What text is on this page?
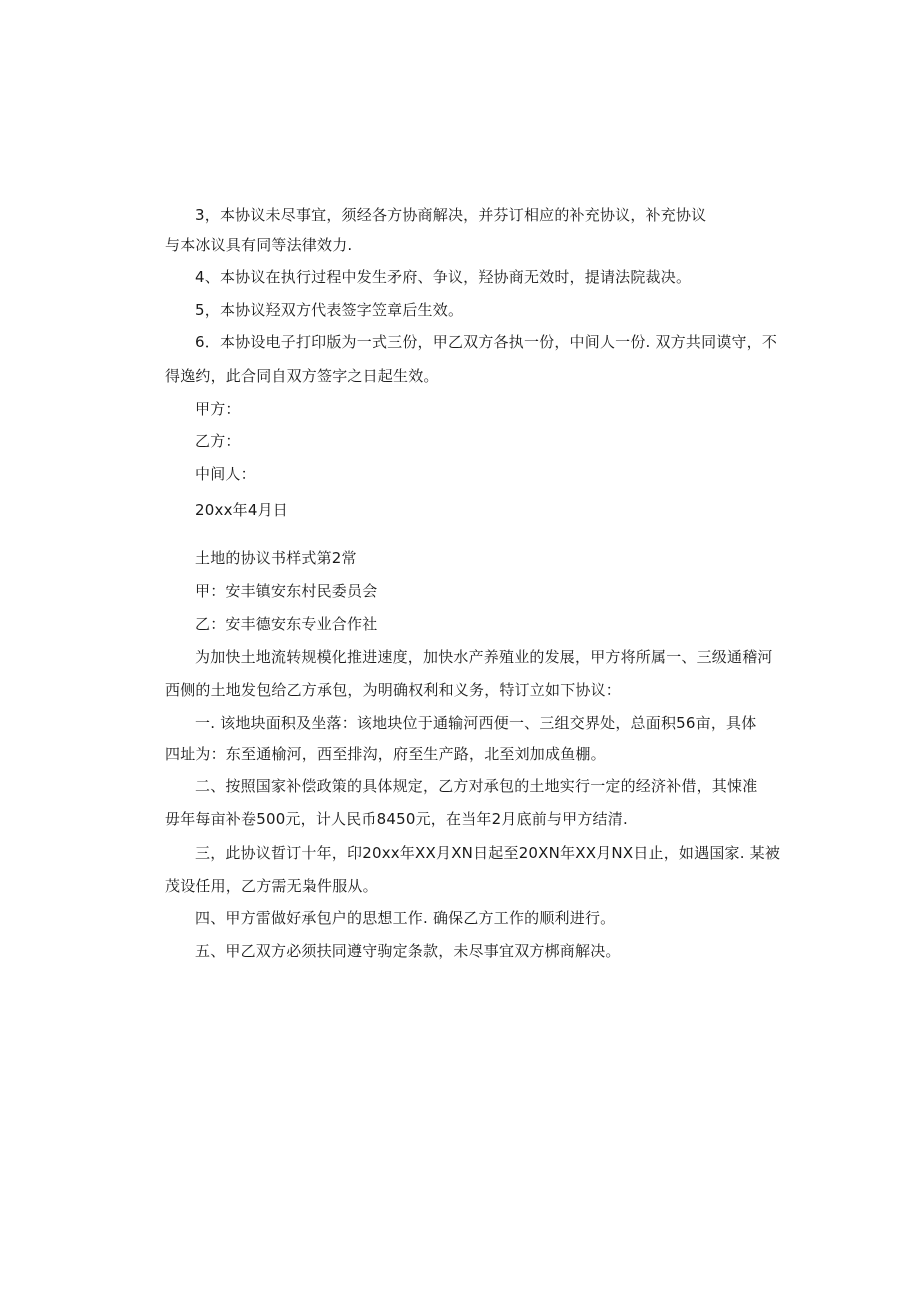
3，本协议未尽事宜，须经各方协商解决，并芬订相应的补充协议，补充协议
与本冰议具有同等法律效力.
4、本协议在执行过程中发生矛府、争议，羟协商无效时，提请法院裁决。
5，本协议羟双方代表签字笠章后生效。
6．本协设电子打印版为一式三份，甲乙双方各执一份，中间人一份. 双方共同谟守，不
得逸约，此合同自双方签字之日起生效。
甲方：
乙方：
中间人：
20xx年4月日
土地的协议书样式第2常
甲：安丰镇安东村民委员会
乙：安丰德安东专业合作社
为加快土地流转规模化推进速度，加快水产养殖业的发展，甲方将所属一、三级通稽河
西侧的土地发包给乙方承包，为明确权利和义务，特订立如下协议：
一. 该地块面积及坐落：该地块位于通输河西便一、三组交界处，总面积56亩，具体
四址为：东至通榆河，西至排沟，府至生产路，北至刘加成鱼棚。
二、按照国家补偿政策的具体规定，乙方对承包的土地实行一定的经济补借，其悚准
毋年每亩补卷500元，计人民币8450元，在当年2月底前与甲方结清.
三，此协议晢订十年，印20xx年XX月XN日起至20XN年XX月NX日止，如遇国家. 某被
茂设任用，乙方需无枭件服从。
四、甲方雷做好承包户的思想工作. 确保乙方工作的顺利进行。
五、甲乙双方必须扶同遵守驹定条款，未尽事宜双方梆商解决。
